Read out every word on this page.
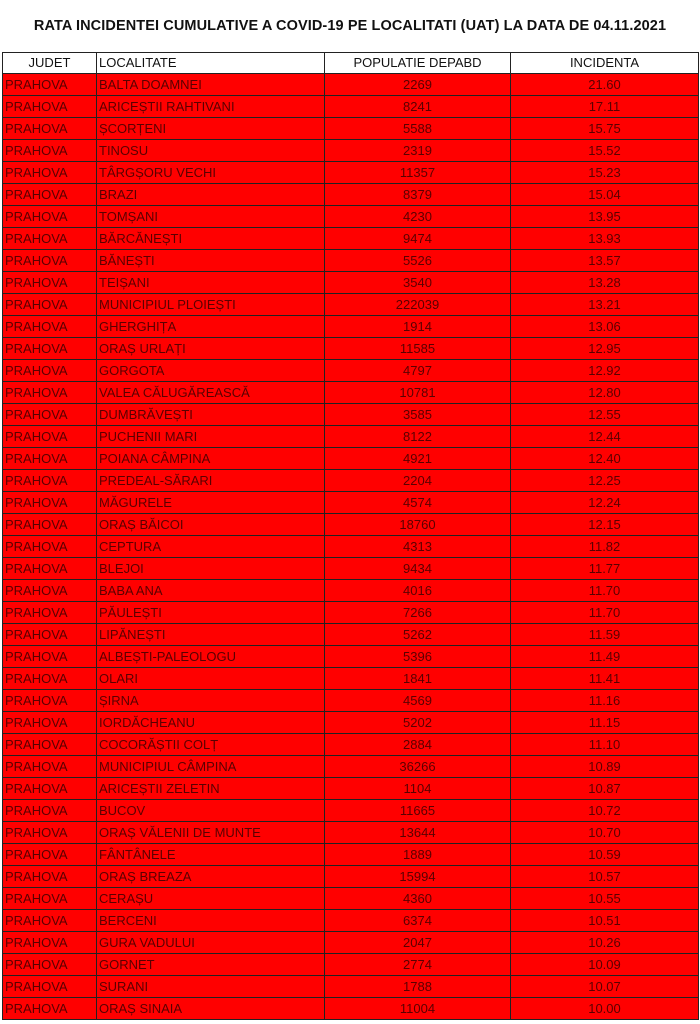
RATA INCIDENTEI CUMULATIVE A COVID-19 PE LOCALITATI (UAT) LA DATA DE 04.11.2021
JUDET	LOCALITATE	POPULATIE DEPABD	INCIDENTA
PRAHOVA	BALTA DOAMNEI	2269	21.60
PRAHOVA	ARICEȘTII RAHTIVANI	8241	17.11
PRAHOVA	ȘCORȚENI	5588	15.75
PRAHOVA	TINOSU	2319	15.52
PRAHOVA	TÂRGȘORU VECHI	11357	15.23
PRAHOVA	BRAZI	8379	15.04
PRAHOVA	TOMȘANI	4230	13.95
PRAHOVA	BĂRCĂNEȘTI	9474	13.93
PRAHOVA	BĂNEȘTI	5526	13.57
PRAHOVA	TEIȘANI	3540	13.28
PRAHOVA	MUNICIPIUL PLOIEȘTI	222039	13.21
PRAHOVA	GHERGHIȚA	1914	13.06
PRAHOVA	ORAȘ URLAȚI	11585	12.95
PRAHOVA	GORGOTA	4797	12.92
PRAHOVA	VALEA CĂLUGĂREASCĂ	10781	12.80
PRAHOVA	DUMBRĂVEȘTI	3585	12.55
PRAHOVA	PUCHENII MARI	8122	12.44
PRAHOVA	POIANA CÂMPINA	4921	12.40
PRAHOVA	PREDEAL-SĂRARI	2204	12.25
PRAHOVA	MĂGURELE	4574	12.24
PRAHOVA	ORAȘ BĂICOI	18760	12.15
PRAHOVA	CEPTURA	4313	11.82
PRAHOVA	BLEJOI	9434	11.77
PRAHOVA	BABA ANA	4016	11.70
PRAHOVA	PĂULEȘTI	7266	11.70
PRAHOVA	LIPĂNEȘTI	5262	11.59
PRAHOVA	ALBEȘTI-PALEOLOGU	5396	11.49
PRAHOVA	OLARI	1841	11.41
PRAHOVA	ȘIRNA	4569	11.16
PRAHOVA	IORDĂCHEANU	5202	11.15
PRAHOVA	COCORĂȘTII COLȚ	2884	11.10
PRAHOVA	MUNICIPIUL CÂMPINA	36266	10.89
PRAHOVA	ARICEȘTII ZELETIN	1104	10.87
PRAHOVA	BUCOV	11665	10.72
PRAHOVA	ORAȘ VĂLENII DE MUNTE	13644	10.70
PRAHOVA	FÂNTÂNELE	1889	10.59
PRAHOVA	ORAȘ BREAZA	15994	10.57
PRAHOVA	CERAȘU	4360	10.55
PRAHOVA	BERCENI	6374	10.51
PRAHOVA	GURA VADULUI	2047	10.26
PRAHOVA	GORNET	2774	10.09
PRAHOVA	SURANI	1788	10.07
PRAHOVA	ORAȘ SINAIA	11004	10.00
